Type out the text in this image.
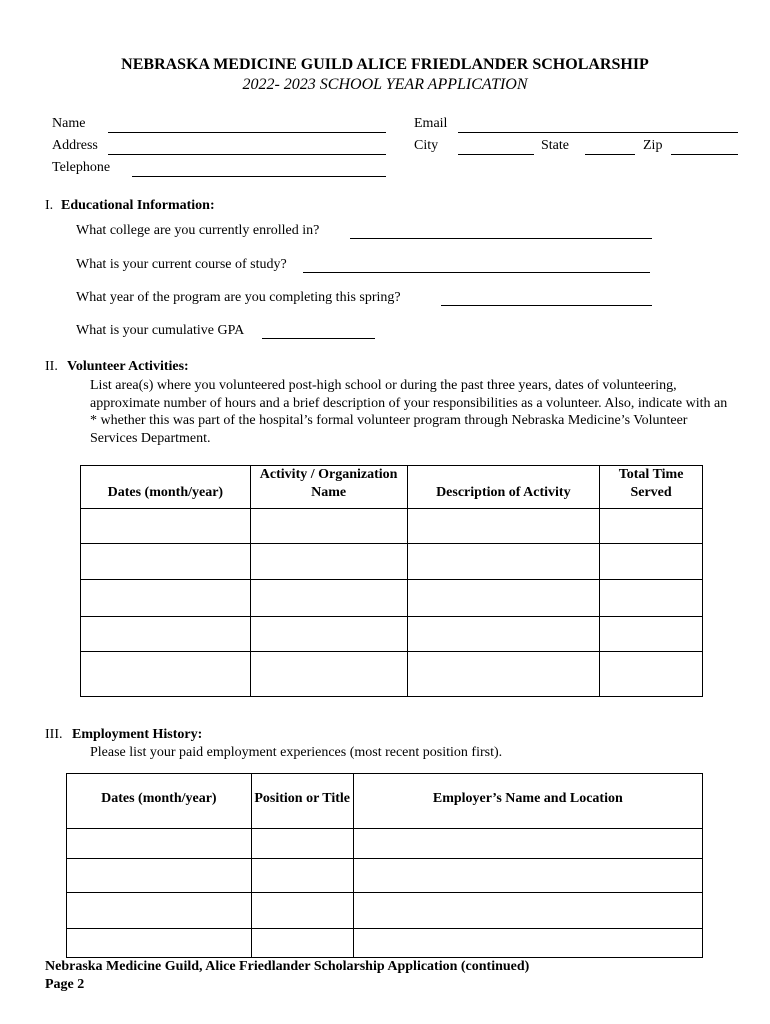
NEBRASKA MEDICINE GUILD ALICE FRIEDLANDER SCHOLARSHIP
2022- 2023 SCHOOL YEAR APPLICATION
Name
Address
Telephone
Email
City	State	Zip
I. Educational Information:
What college are you currently enrolled in?
What is your current course of study?
What year of the program are you completing this spring?
What is your cumulative GPA
II. Volunteer Activities:
List area(s) where you volunteered post-high school or during the past three years, dates of volunteering, approximate number of hours and a brief description of your responsibilities as a volunteer. Also, indicate with an * whether this was part of the hospital’s formal volunteer program through Nebraska Medicine’s Volunteer Services Department.
Dates (month/year)	Activity / Organization Name	Description of Activity	Total Time Served

III. Employment History:
Please list your paid employment experiences (most recent position first).
Dates (month/year)	Position or Title	Employer’s Name and Location

Nebraska Medicine Guild, Alice Friedlander Scholarship Application (continued)
Page 2
